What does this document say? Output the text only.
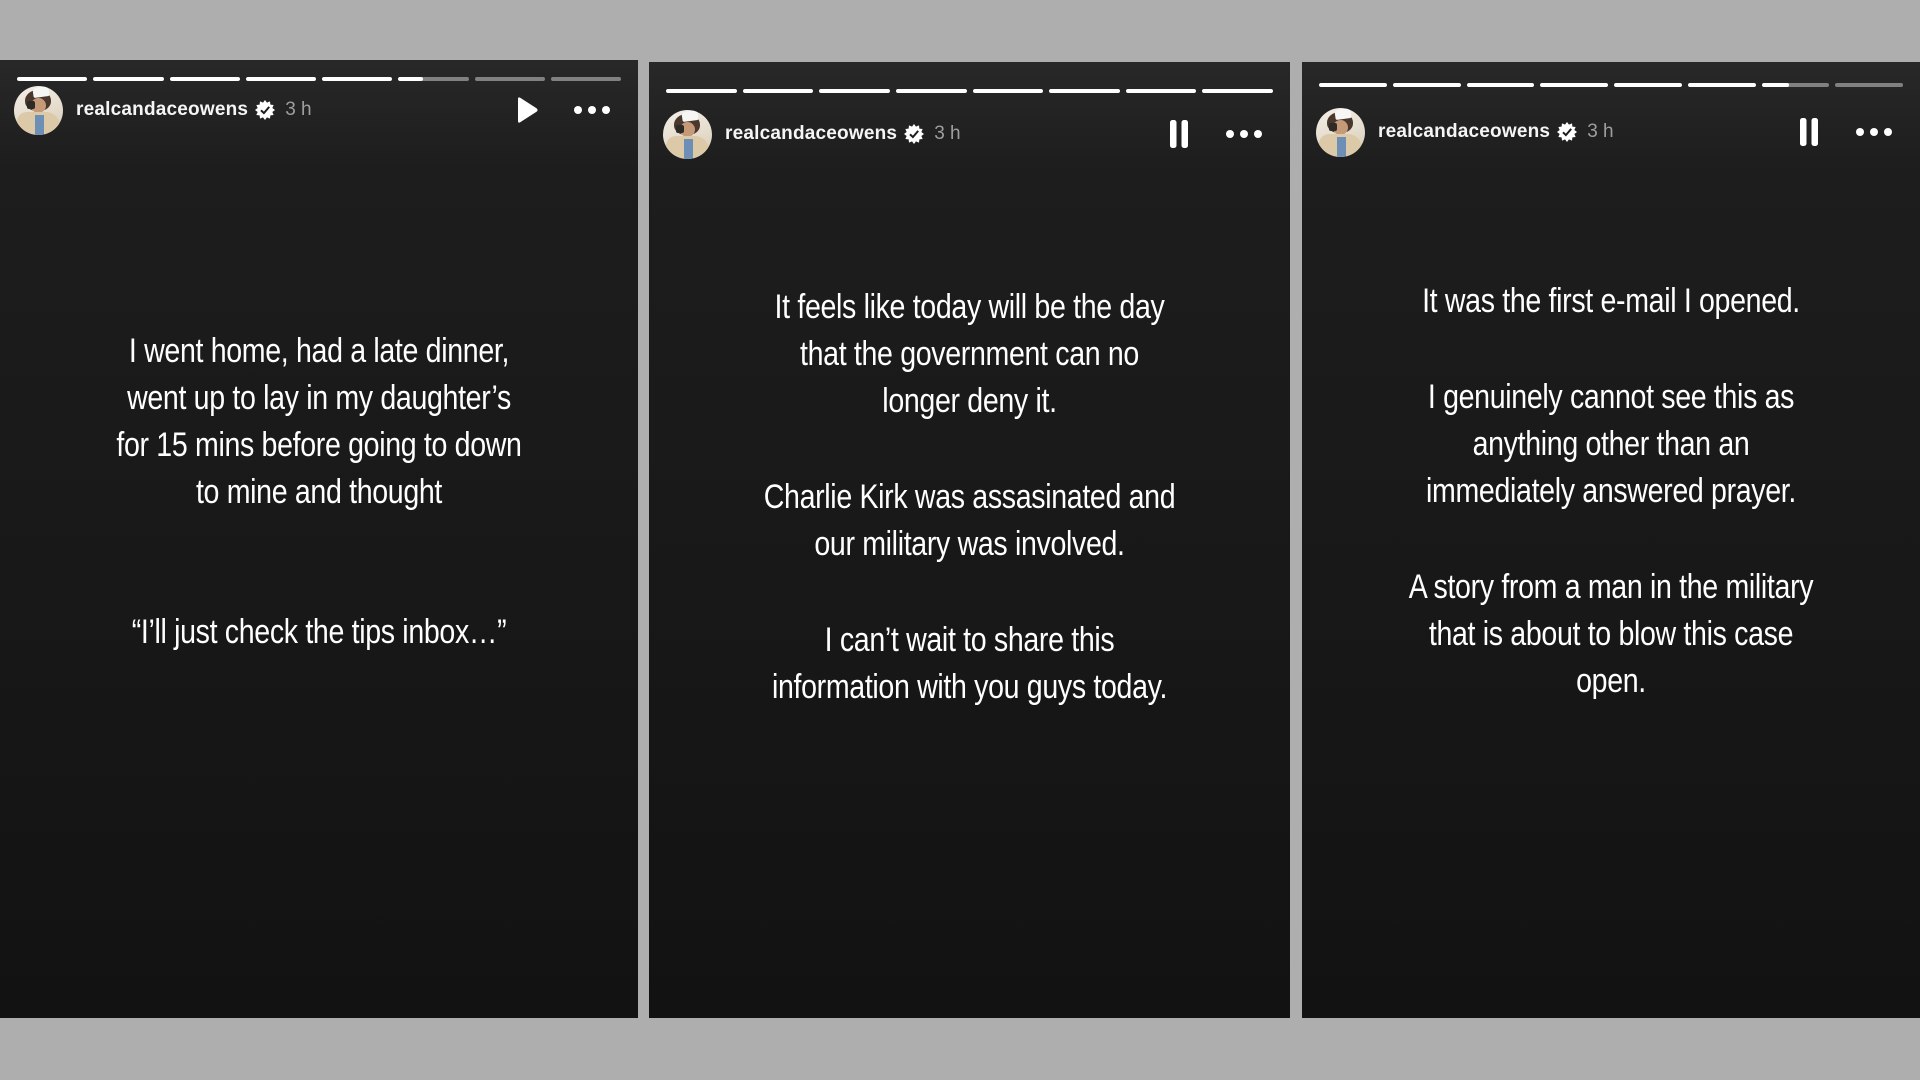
realcandaceowens 3 h

I went home, had a late dinner,
went up to lay in my daughter’s
for 15 mins before going to down
to mine and thought

“I’ll just check the tips inbox…”

realcandaceowens 3 h

It feels like today will be the day
that the government can no
longer deny it.

Charlie Kirk was assasinated and
our military was involved.

I can’t wait to share this
information with you guys today.

realcandaceowens 3 h

It was the first e-mail I opened.

I genuinely cannot see this as
anything other than an
immediately answered prayer.

A story from a man in the military
that is about to blow this case
open.
